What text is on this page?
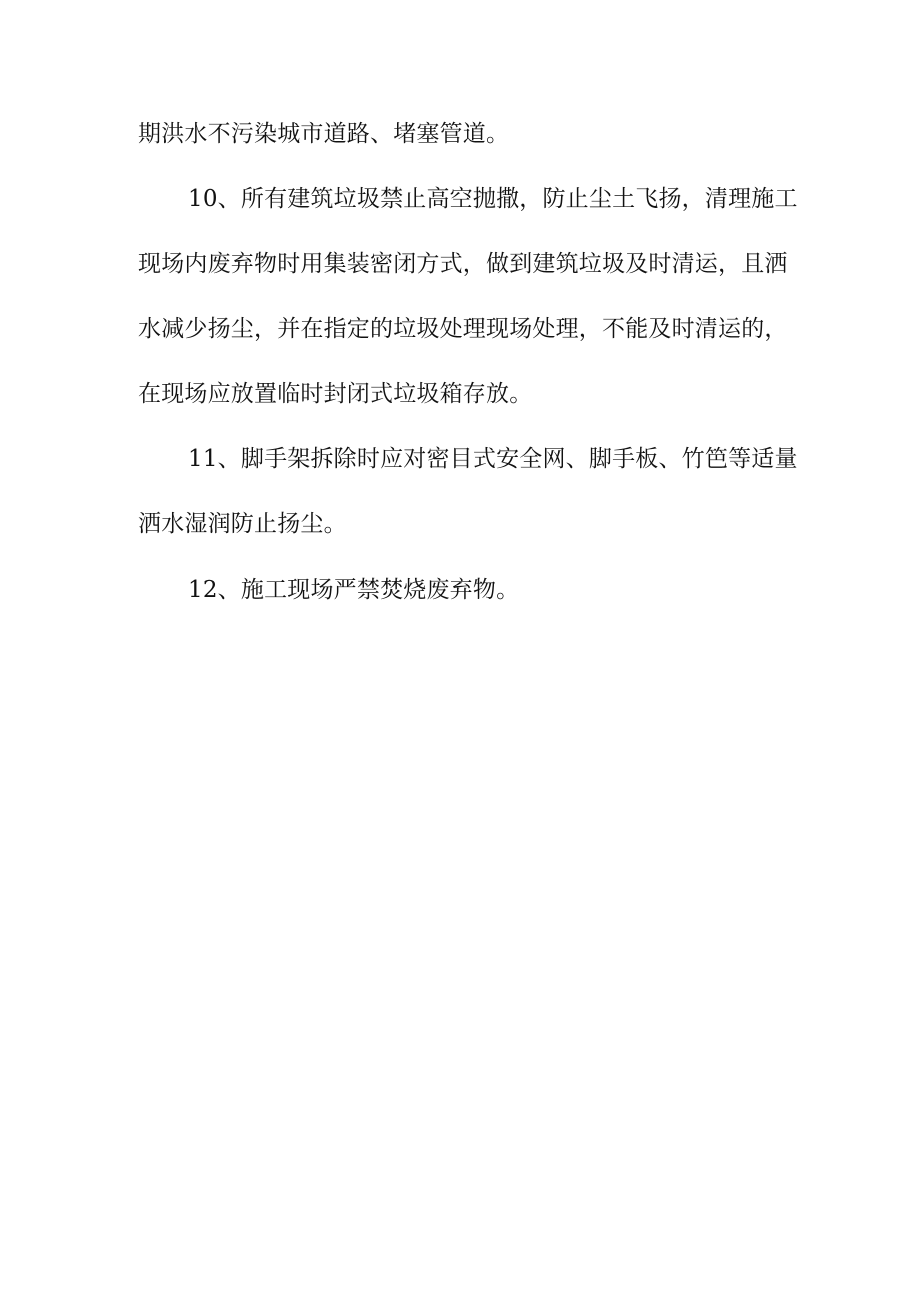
期洪水不污染城市道路、堵塞管道。
10、所有建筑垃圾禁止高空抛撒，防止尘土飞扬，清理施工
现场内废弃物时用集装密闭方式，做到建筑垃圾及时清运，且洒
水减少扬尘，并在指定的垃圾处理现场处理，不能及时清运的，
在现场应放置临时封闭式垃圾箱存放。
11、脚手架拆除时应对密目式安全网、脚手板、竹笆等适量
洒水湿润防止扬尘。
12、施工现场严禁焚烧废弃物。
